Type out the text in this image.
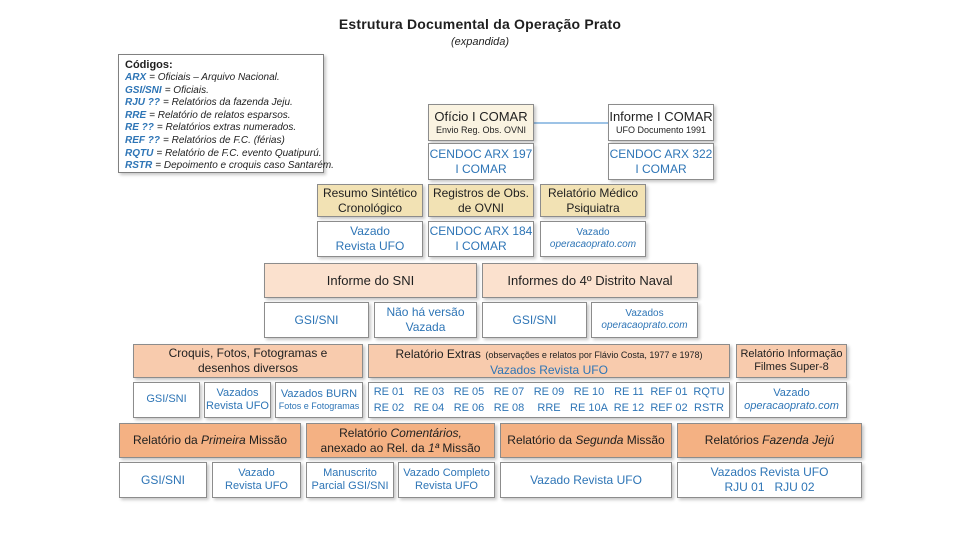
Estrutura Documental da Operação Prato
(expandida)
Códigos:
ARX = Oficiais – Arquivo Nacional.
GSI/SNI = Oficiais.
RJU ?? = Relatórios da fazenda Jeju.
RRE = Relatório de relatos esparsos.
RE ?? = Relatórios extras numerados.
REF ?? = Relatórios de F.C. (férias)
RQTU = Relatório de F.C. evento Quatipurú.
RSTR = Depoimento e croquis caso Santarém.
Ofício I COMAR
Envio Reg. Obs. OVNI
CENDOC ARX 197
I COMAR
Informe I COMAR
UFO Documento 1991
CENDOC ARX 322
I COMAR
Resumo Sintético
Cronológico
Registros de Obs.
de OVNI
Relatório Médico
Psiquiatra
Vazado
Revista UFO
CENDOC ARX 184
I COMAR
Vazado
operacaoprato.com
Informe do SNI	Informes do 4º Distrito Naval
GSI/SNI
Não há versão
Vazada
GSI/SNI	Vazados
operacaoprato.com
Croquis, Fotos, Fotogramas e
desenhos diversos
Relatório Extras (observações e relatos por Flávio Costa, 1977 e 1978)
Vazados Revista UFO
Relatório Informação
Filmes Super-8
GSI/SNI
Vazados
Revista UFO
Vazados BURN
Fotos e Fotogramas
RE 01 RE 03 RE 05 RE 07 RE 09 RE 10 RE 11 REF 01 RQTU
RE 02 RE 04 RE 06 RE 08	RRE RE 10A RE 12 REF 02 RSTR
Vazado
operacaoprato.com
Relatório da Primeira Missão
Relatório Comentários,
anexado ao Rel. da 1ª Missão
Relatório da Segunda Missão	Relatórios Fazenda Jejú
GSI/SNI
Vazado
Revista UFO
Manuscrito
Parcial GSI/SNI
Vazado Completo
Revista UFO	Vazado Revista UFO
Vazados Revista UFO
RJU 01   RJU 02
